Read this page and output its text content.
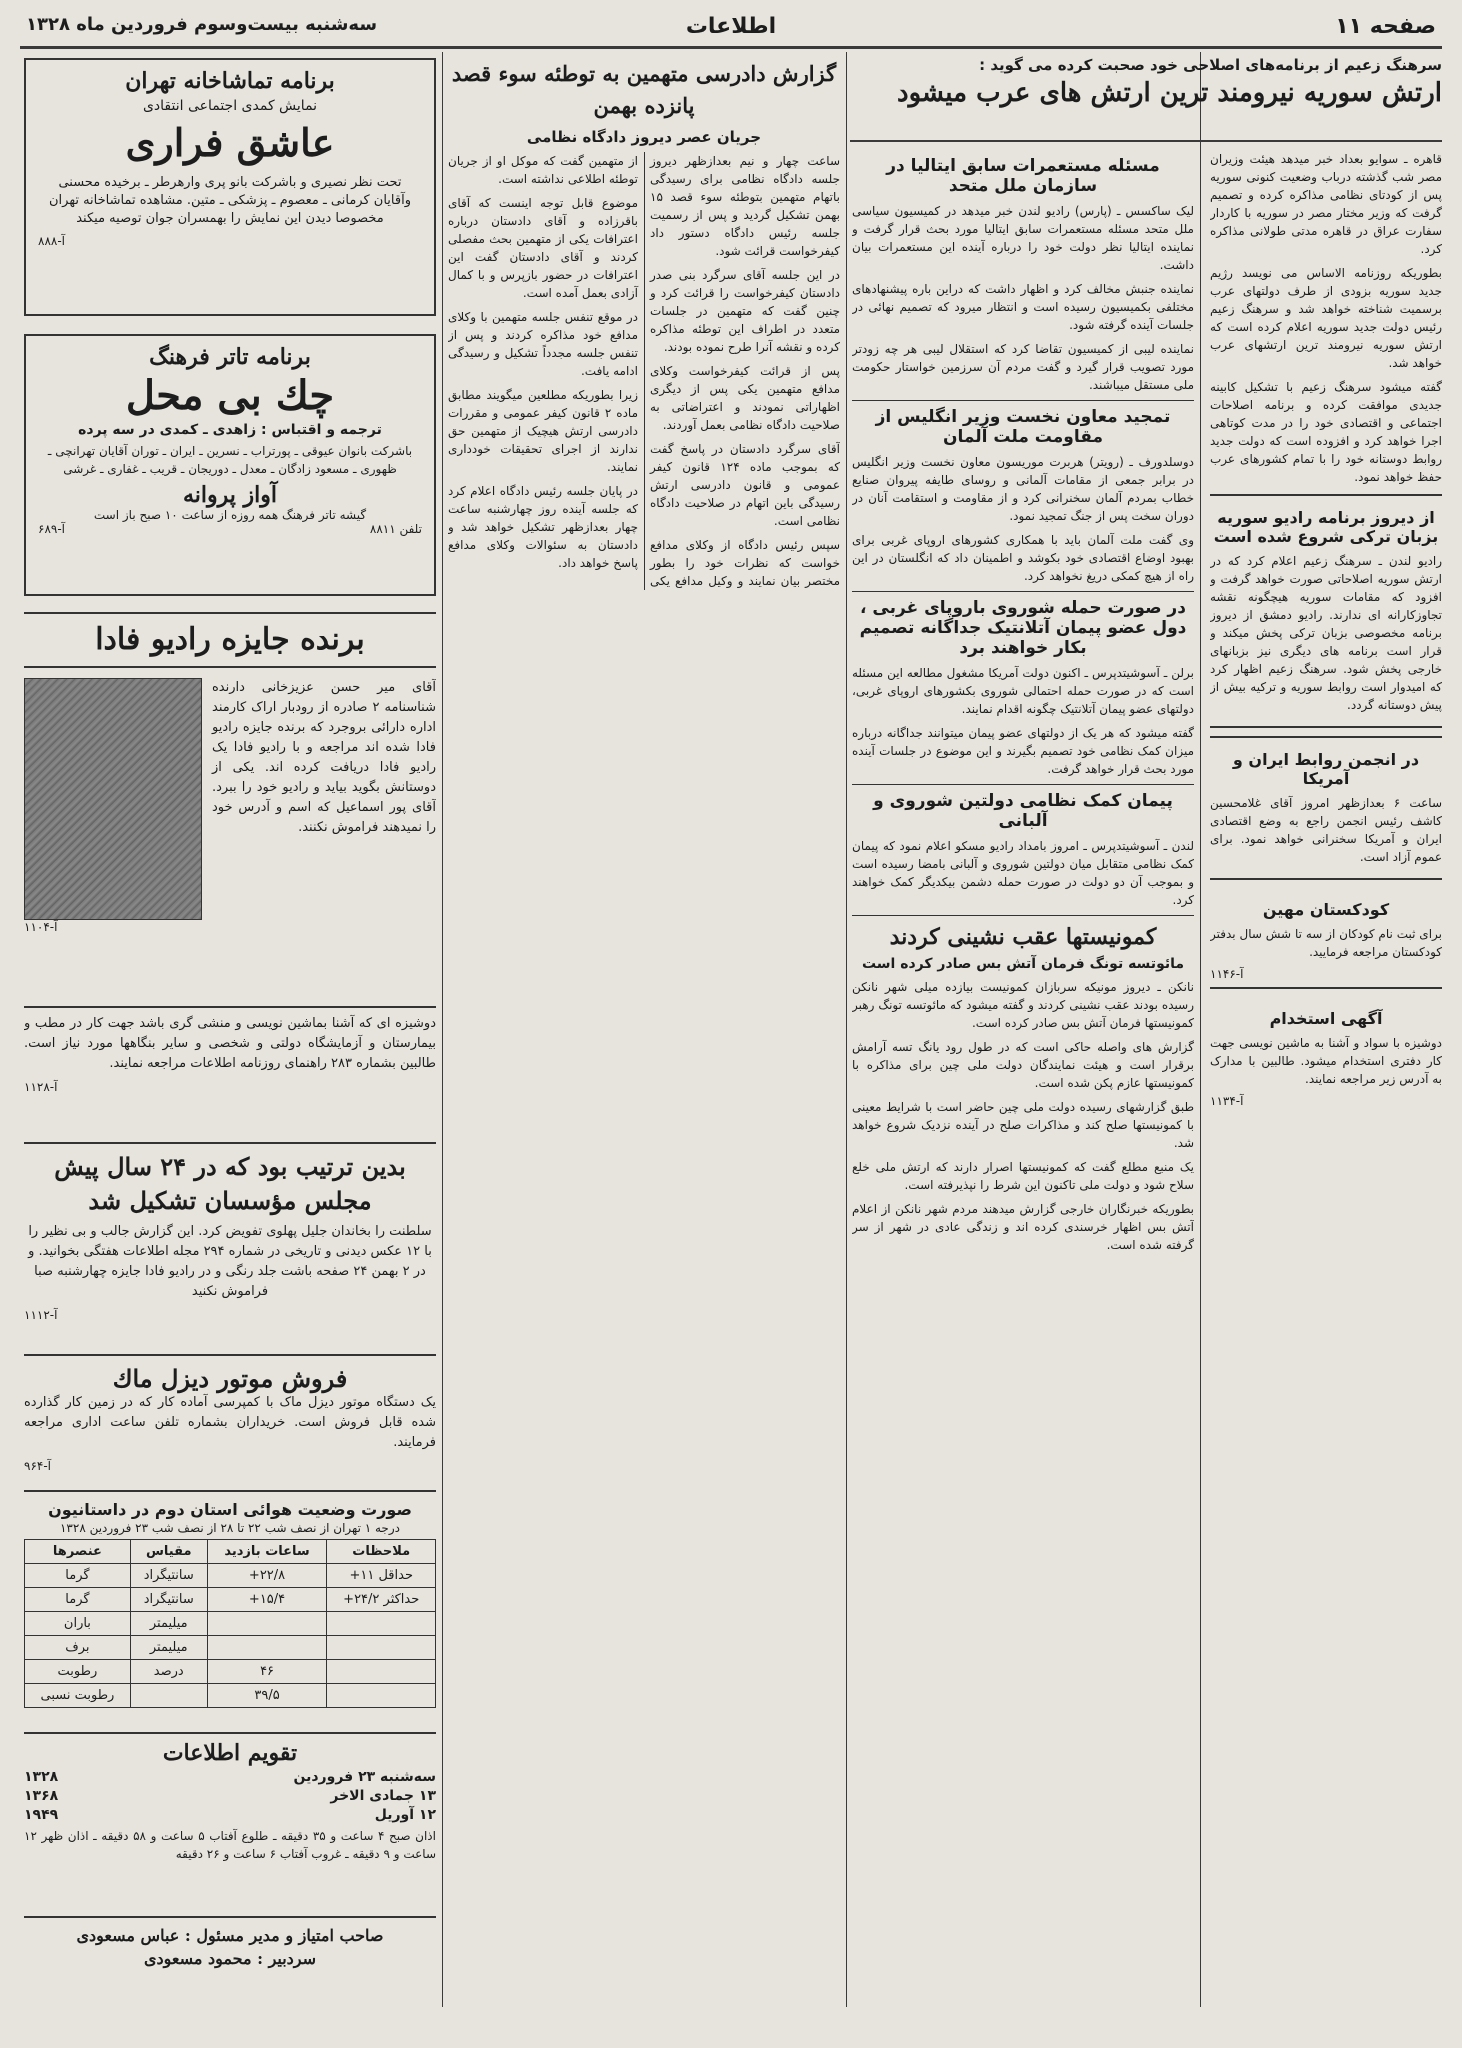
صفحه ۱۱
اطلاعات
سه‌شنبه بیست‌وسوم فروردین ماه ۱۳۲۸
سرهنگ زعیم از برنامه‌های اصلاحی خود صحبت کرده می گوید :
ارتش سوریه نیرومند ترین ارتش های عرب میشود

قاهره ـ سوایو بعداد خبر میدهد هیئت وزیران مصر شب گذشته درباب وضعیت کنونی سوریه پس از کودتای نظامی مذاکره کرده و تصمیم گرفت که وزیر مختار مصر در سوریه با کاردار سفارت عراق در قاهره مدتی طولانی مذاکره کرد.

بطوریکه روزنامه الاساس می نویسد رژیم جدید سوریه بزودی از طرف دولتهای عرب برسمیت شناخته خواهد شد و سرهنگ زعیم رئیس دولت جدید سوریه اعلام کرده است که ارتش سوریه نیرومند ترین ارتشهای عرب خواهد شد.

گفته میشود سرهنگ زعیم با تشکیل کابینه جدیدی موافقت کرده و برنامه اصلاحات اجتماعی و اقتصادی خود را در مدت کوتاهی اجرا خواهد کرد و افزوده است که دولت جدید روابط دوستانه خود را با تمام کشورهای عرب حفظ خواهد نمود.

از دیروز برنامه رادیو سوریه بزبان ترکی شروع شده است

رادیو لندن ـ سرهنگ زعیم اعلام کرد که در ارتش سوریه اصلاحاتی صورت خواهد گرفت و افزود که مقامات سوریه هیچگونه نقشه تجاوزکارانه ای ندارند. رادیو دمشق از دیروز برنامه مخصوصی بزبان ترکی پخش میکند و قرار است برنامه های دیگری نیز بزبانهای خارجی پخش شود. سرهنگ زعیم اظهار کرد که امیدوار است روابط سوریه و ترکیه بیش از پیش دوستانه گردد.

در انجمن روابط ایران و آمریکا

ساعت ۶ بعدازظهر امروز آقای غلامحسین کاشف رئیس انجمن راجع به وضع اقتصادی ایران و آمریکا سخنرانی خواهد نمود. برای عموم آزاد است.

کودکستان مهین

برای ثبت نام کودکان از سه تا شش سال بدفتر کودکستان مراجعه فرمایید.

آ-۱۱۴۶
آگهی استخدام

دوشیزه با سواد و آشنا به ماشین نویسی جهت کار دفتری استخدام میشود. طالبین با مدارک به آدرس زیر مراجعه نمایند.

آ-۱۱۳۴
مسئله مستعمرات سابق ایتالیا در سازمان ملل متحد

لیک ساکسس ـ (پارس) رادیو لندن خبر میدهد در کمیسیون سیاسی ملل متحد مسئله مستعمرات سابق ایتالیا مورد بحث قرار گرفت و نماینده ایتالیا نظر دولت خود را درباره آینده این مستعمرات بیان داشت.

نماینده جنبش مخالف کرد و اظهار داشت که دراین باره پیشنهادهای مختلفی بکمیسیون رسیده است و انتظار میرود که تصمیم نهائی در جلسات آینده گرفته شود.

نماینده لیبی از کمیسیون تقاضا کرد که استقلال لیبی هر چه زودتر مورد تصویب قرار گیرد و گفت مردم آن سرزمین خواستار حکومت ملی مستقل میباشند.

تمجید معاون نخست وزیر انگلیس از مقاومت ملت آلمان

دوسلدورف ـ (رویتر) هربرت موریسون معاون نخست وزیر انگلیس در برابر جمعی از مقامات آلمانی و روسای طایفه پیروان صنایع خطاب بمردم آلمان سخنرانی کرد و از مقاومت و استقامت آنان در دوران سخت پس از جنگ تمجید نمود.

وی گفت ملت آلمان باید با همکاری کشورهای اروپای غربی برای بهبود اوضاع اقتصادی خود بکوشد و اطمینان داد که انگلستان در این راه از هیچ کمکی دریغ نخواهد کرد.

در صورت حمله شوروی باروپای غربی ، دول عضو پیمان آتلانتیک جداگانه تصمیم بکار خواهند برد

برلن ـ آسوشیتدپرس ـ اکنون دولت آمریکا مشغول مطالعه این مسئله است که در صورت حمله احتمالی شوروی بکشورهای اروپای غربی، دولتهای عضو پیمان آتلانتیک چگونه اقدام نمایند.

گفته میشود که هر یک از دولتهای عضو پیمان میتوانند جداگانه درباره میزان کمک نظامی خود تصمیم بگیرند و این موضوع در جلسات آینده مورد بحث قرار خواهد گرفت.

پیمان کمک نظامی دولتین شوروی و آلبانی

لندن ـ آسوشیتدپرس ـ امروز بامداد رادیو مسکو اعلام نمود که پیمان کمک نظامی متقابل میان دولتین شوروی و آلبانی بامضا رسیده است و بموجب آن دو دولت در صورت حمله دشمن بیکدیگر کمک خواهند کرد.

کمونیستها عقب نشینی کردند
مائوتسه تونگ فرمان آتش بس صادر کرده است

نانکن ـ دیروز مونیکه سربازان کمونیست بیازده میلی شهر نانکن رسیده بودند عقب نشینی کردند و گفته میشود که مائوتسه تونگ رهبر کمونیستها فرمان آتش بس صادر کرده است.

گزارش های واصله حاکی است که در طول رود یانگ تسه آرامش برقرار است و هیئت نمایندگان دولت ملی چین برای مذاکره با کمونیستها عازم پکن شده است.

طبق گزارشهای رسیده دولت ملی چین حاضر است با شرایط معینی با کمونیستها صلح کند و مذاکرات صلح در آینده نزدیک شروع خواهد شد.

یک منبع مطلع گفت که کمونیستها اصرار دارند که ارتش ملی خلع سلاح شود و دولت ملی تاکنون این شرط را نپذیرفته است.

بطوریکه خبرنگاران خارجی گزارش میدهند مردم شهر نانکن از اعلام آتش بس اظهار خرسندی کرده اند و زندگی عادی در شهر از سر گرفته شده است.

گزارش دادرسی متهمین به توطئه سوء قصد پانزده بهمن
جریان عصر دیروز دادگاه نظامی

ساعت چهار و نیم بعدازظهر دیروز جلسه دادگاه نظامی برای رسیدگی باتهام متهمین بتوطئه سوء قصد ۱۵ بهمن تشکیل گردید و پس از رسمیت جلسه رئیس دادگاه دستور داد کیفرخواست قرائت شود.

در این جلسه آقای سرگرد بنی صدر دادستان کیفرخواست را قرائت کرد و چنین گفت که متهمین در جلسات متعدد در اطراف این توطئه مذاکره کرده و نقشه آنرا طرح نموده بودند.

پس از قرائت کیفرخواست وکلای مدافع متهمین یکی پس از دیگری اظهاراتی نمودند و اعتراضاتی به صلاحیت دادگاه نظامی بعمل آوردند.

آقای سرگرد دادستان در پاسخ گفت که بموجب ماده ۱۲۴ قانون کیفر عمومی و قانون دادرسی ارتش رسیدگی باین اتهام در صلاحیت دادگاه نظامی است.

سپس رئیس دادگاه از وکلای مدافع خواست که نظرات خود را بطور مختصر بیان نمایند و وکیل مدافع یکی از متهمین گفت که موکل او از جریان توطئه اطلاعی نداشته است.

موضوع قابل توجه اینست که آقای باقرزاده و آقای دادستان درباره اعترافات یکی از متهمین بحث مفصلی کردند و آقای دادستان گفت این اعترافات در حضور بازپرس و با کمال آزادی بعمل آمده است.

در موقع تنفس جلسه متهمین با وکلای مدافع خود مذاکره کردند و پس از تنفس جلسه مجدداً تشکیل و رسیدگی ادامه یافت.

زیرا بطوریکه مطلعین میگویند مطابق ماده ۲ قانون کیفر عمومی و مقررات دادرسی ارتش هیچیک از متهمین حق ندارند از اجرای تحقیقات خودداری نمایند.

در پایان جلسه رئیس دادگاه اعلام کرد که جلسه آینده روز چهارشنبه ساعت چهار بعدازظهر تشکیل خواهد شد و دادستان به سئوالات وکلای مدافع پاسخ خواهد داد.

برنامه تماشاخانه تهران
نمایش کمدی اجتماعی انتقادی
عاشق فراری

تحت نظر نصیری و باشرکت بانو پری وارهرطر ـ برخیده محسنی وآقایان کرمانی ـ معصوم ـ پزشکی ـ متین. مشاهده تماشاخانه تهران مخصوصا دیدن این نمایش را بهمسران جوان توصیه میکند

آ-۸۸۸
برنامه تاتر فرهنگ
چك بی محل
ترجمه و اقتباس : زاهدی ـ کمدی در سه پرده

باشرکت بانوان عیوقی ـ پورتراب ـ نسرین ـ ایران ـ توران آقایان تهرانچی ـ ظهوری ـ مسعود زادگان ـ معدل ـ دوریجان ـ قریب ـ غفاری ـ غرشی

آواز پروانه
گیشه تاتر فرهنگ همه روزه از ساعت ۱۰ صبح باز است
تلفن ۸۸۱۱
آ-۶۸۹
برنده جایزه رادیو فادا

آقای میر حسن عزیزخانی دارنده شناسنامه ۲ صادره از رودبار اراک کارمند اداره دارائی بروجرد که برنده جایزه رادیو فادا شده اند مراجعه و با رادیو فادا یک رادیو فادا دریافت کرده اند. یکی از دوستانش بگوید بیاید و رادیو خود را ببرد. آقای پور اسماعیل که اسم و آدرس خود را نمیدهند فراموش نکنند.

آ-۱۱۰۴

دوشیزه ای که آشنا بماشین نویسی و منشی گری باشد جهت کار در مطب و بیمارستان و آزمایشگاه دولتی و شخصی و سایر بنگاهها مورد نیاز است. طالبین بشماره ۲۸۳ راهنمای روزنامه اطلاعات مراجعه نمایند.

آ-۱۱۲۸
بدین ترتیب بود که در ۲۴ سال پیش مجلس مؤسسان تشکیل شد

سلطنت را بخاندان جلیل پهلوی تفویض کرد. این گزارش جالب و بی نظیر را با ۱۲ عکس دیدنی و تاریخی در شماره ۲۹۴ مجله اطلاعات هفتگی بخوانید. و در ۲ بهمن ۲۴ صفحه باشت جلد رنگی و در رادیو فادا جایزه چهارشنبه صبا فراموش نکنید

آ-۱۱۱۲
فروش موتور دیزل ماك

یک دستگاه موتور دیزل ماک با کمپرسی آماده کار که در زمین کار گذارده شده قابل فروش است. خریداران بشماره تلفن ساعت اداری مراجعه فرمایند.

آ-۹۶۴
صورت وضعیت هوائی استان دوم در داستانیون
درجه ۱ تهران از نصف شب ۲۲ تا ۲۸ از نصف شب ۲۳ فروردین ۱۳۲۸
ملاحظات	ساعات بازدید	مقیاس	عنصرها
حداقل ۱۱+	۲۲/۸+	سانتیگراد	گرما
حداکثر ۲۴/۲+	۱۵/۴+	سانتیگراد	گرما
		میلیمتر	باران
		میلیمتر	برف
	۴۶	درصد	رطوبت
	۳۹/۵		رطوبت نسبی
تقویم اطلاعات
سه‌شنبه ۲۳ فروردین
۱۳۲۸
۱۳ جمادی الاخر
۱۳۶۸
۱۲ آوریل
۱۹۴۹

اذان صبح ۴ ساعت و ۳۵ دقیقه ـ طلوع آفتاب ۵ ساعت و ۵۸ دقیقه ـ اذان ظهر ۱۲ ساعت و ۹ دقیقه ـ غروب آفتاب ۶ ساعت و ۲۶ دقیقه

صاحب امتیاز و مدیر مسئول : عباس مسعودی
سردبیر : محمود مسعودی
